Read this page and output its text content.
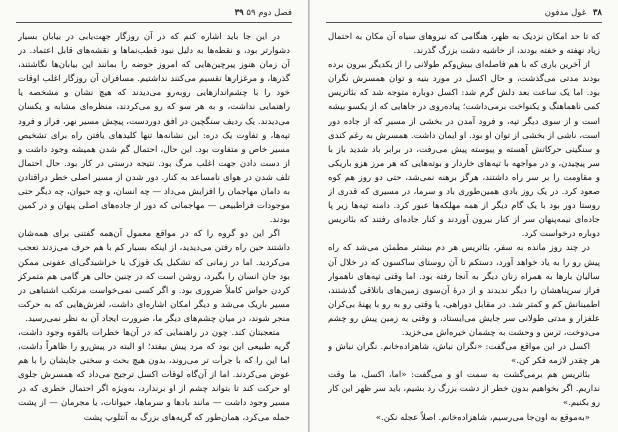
فصل دوم ۵۹ ۳۹

در این جا باید اشاره کنم که در آن روزگار جهت‌یابی در بیابان بسیار دشوارتر بود، و نقطه‌ها به دلیل نبود قطب‌نماها و نقشه‌های قابل اعتماد. در آن زمان هنوز پیرچین‌هایی که امروز حوضه را بمانند این بیابان‌ها نگاشتند، گذرها، و مرغزارها تقسیم می‌کنند نداشتیم. مسافران آن روزگار اغلب اوقات خود را با چشم‌اندازهایی روبه‌رو می‌دیدند که هیچ نشان و مشخصه یا راهنمایی نداشت، و به هر سو که رو می‌کردند، منظره‌ای مشابه و یکسان می‌دیدند. یک ردیف سنگچین در افق دوردست، پیچش مسیر نهر، فراز و فرود تپه‌ها، و تفاوت یک دره: این نشانه‌ها تنها کلیدهای یافتن راه برای تشخیص مسیر خاص و متفاوت بود. این حال، احتمال گم شدن همیشه وجود داشت و از دست دادن جهت اغلب مرگ بود. نتیجه درستی در کار بود. حال احتمال تلف شدن در هوای نامساعد به کنار. دور شدن از مسیر اصلی خطر دراقتادن به دامان مهاجمان را افزایش می‌داد — چه انسان، و چه حیوان، چه دیگر حتی موجودات فراطبیعی — مهاجمانی که دور از جاده‌های اصلی پنهان و در کمین بودند.

اگر این دو گروه را که در مواقع معمول آن‌همه گفتنی برای همه‌شان داشتند حین راه رفتن می‌دیدید، از اینکه بسیار کم با هم حرف می‌زدند تعجب می‌کردید. اما در زمانی که تشکیل یک قوزک یا خراشیدگی‌ای عفونی ممکن بود جان انسان را بگیرد، روشن است که در چنین حالی هر گامی هم متمرکز کردن حواس کاملاً ضروری بود. و اگر کسی نمی‌خواست مرتکب اشتباهی در مسیر باریک می‌شد و دیگر امکان اشاره‌ای داشت، لغزش‌هایی که به حرکت منجر شوند، در میان چشم‌های دیگر ما، ضرورت ایجاد آن به نظر نمی‌رسید.

متعجبتان کند. چون در راهنمایی که در آن‌ها خطرات بالقوه وجود داشت، گریه طبیعی این بود که مرد پیش بیفتد؛ او البته در پیش‌رو را ظاهراً داشت، اما این را که با جرأت تر می‌روند، بدون هیچ بحث و سخنی جایشان را با هم عوض می‌کردند. اما از آن‌گاه لوقات اکسل ترجیح می‌داد که همسرش جلوی او حرکت کند تا بتواند چشم از او برندارد، به‌ویژه اگر احتمال خطری که در مسیر وجود داشت — مانند بادها و سرماها، حیوانات، یا مجرمان — از پشت حمله می‌کرد، همان‌طور که گریه‌های بزرگ به آنتلوپ پشت

۳۸ غول مدفون

که تا حد امکان نزدیک به ظهر، هنگامی که نیروهای سیاه آن مکان به احتمال زیاد نهفته و خفته بودند، از حاشیه دشت بزرگ گذرند.

از آخرین باری که با هم فاصله‌ای بیش‌وکم طولانی را از یکدیگر بیرون برده بودند مدتی می‌گذشت، و حال اکسل در مورد بنیه و توان همسرش نگران بود. اما یک ساعت بعد دلش گرم شد: اکسل دوباره متوجه شد که بئاتریس کمی ناهماهنگ و یکنواخت برمی‌داشت؛ پیاده‌روی در جاهایی که از یکسو بیشه است و از سوی دیگر تپه، و فرود آمدن در بخشی از مسیر که از جاده دور است، ناشی از بخشی از توان او بود. او ایمان داشت. همسرش به رغم کندی و سنگینی حرکاتش آهسته و پیوسته پیش می‌رفت، در برابر باد شدید باز با سر پیچیدن، و در مواجهه با تپه‌های خاردار و بوته‌هایی که هر مرز هزو باریکی و مقاومت را بر سر راه داشتند، هرگز برهنه نمی‌شد، حتی دو روز هم کوه صعود کرد. در یک روز بادی همین‌طوری باد و سرما، در مسیری که قدری از روستا دور بود با یک گام دیگر از همه مهلکه‌ها عبور کرد. دامنه تپه‌ها زیر پا جاده‌ای نیمه‌پنهان سر از کنار بیرون آوردند و کنار جاده‌ای رفتند که بئاتریس دوباره درخواست کرد.

در چند روز مانده به سفر، بئاتریس هر دم بیشتر مطمئن می‌شد که راه پیش رو را به یاد خواهد آورد، دستکم تا آن روستای ساکسون که در خلال آن سالیان بارها به همراه زنان دیگر به آنجا رفته بود. اما وقتی تپه‌های ناهموار فراز سرپناهشان را دیگر ندیدند و از درهٔ آن‌سوی زمین‌های باتلاقی گذشتند، اطمینانش کم و کمتر شد. در مقابل دوراهی، یا وقتی رو به رو با پهنهٔ بی‌کران علفزار و مدتی طولانی سر جایش می‌ایستاد، و وقتی به زمین پیش رو چشم می‌دوخت، ترس و وحشت به چشمان خیره‌اش می‌خزید.

اکسل در این مواقع می‌گفت: «نگران نباش، شاهزاده‌خانم. نگران نباش و هر چقدر لازمه فکر کن.»

بئاتریس هم برمی‌گشت به سمت او و می‌گفت: «اما، اکسل، ما وقت نداریم. اگر بخواهیم بدون خطر از دشت بزرگ رد بشیم، باید سر ظهر این کار رو بکنیم.»

«به‌موقع به اون‌جا می‌رسیم، شاهزاده‌خانم. اصلاً عجله نکن.»
